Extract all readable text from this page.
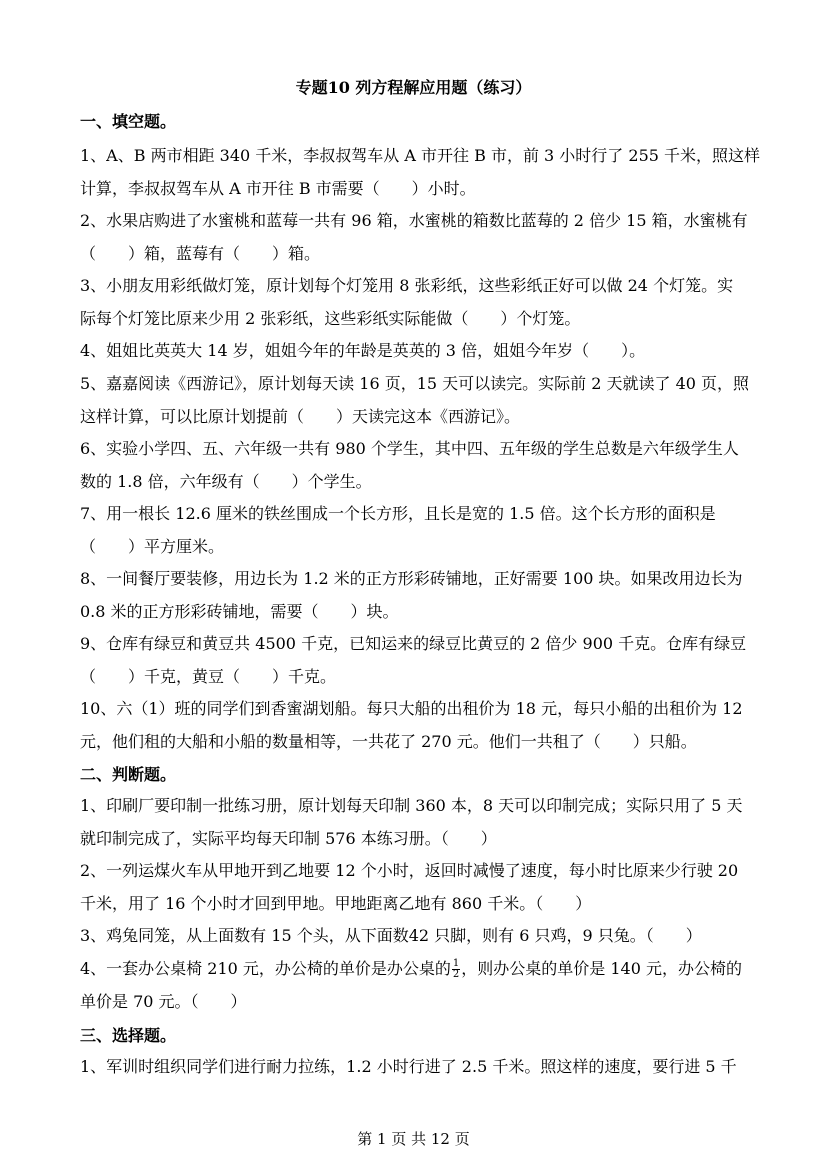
专题10 列方程解应用题（练习）
一、填空题。
1、A、B 两市相距 340 千米，李叔叔驾车从 A 市开往 B 市，前 3 小时行了 255 千米，照这样
计算，李叔叔驾车从 A 市开往 B 市需要（　　）小时。
2、水果店购进了水蜜桃和蓝莓一共有 96 箱，水蜜桃的箱数比蓝莓的 2 倍少 15 箱，水蜜桃有
（　　）箱，蓝莓有（　　）箱。
3、小朋友用彩纸做灯笼，原计划每个灯笼用 8 张彩纸，这些彩纸正好可以做 24 个灯笼。实
际每个灯笼比原来少用 2 张彩纸，这些彩纸实际能做（　　）个灯笼。
4、姐姐比英英大 14 岁，姐姐今年的年龄是英英的 3 倍，姐姐今年岁（　　）。
5、嘉嘉阅读《西游记》，原计划每天读 16 页，15 天可以读完。实际前 2 天就读了 40 页，照
这样计算，可以比原计划提前（　　）天读完这本《西游记》。
6、实验小学四、五、六年级一共有 980 个学生，其中四、五年级的学生总数是六年级学生人
数的 1.8 倍，六年级有（　　）个学生。
7、用一根长 12.6 厘米的铁丝围成一个长方形，且长是宽的 1.5 倍。这个长方形的面积是
（　　）平方厘米。
8、一间餐厅要装修，用边长为 1.2 米的正方形彩砖铺地，正好需要 100 块。如果改用边长为
0.8 米的正方形彩砖铺地，需要（　　）块。
9、仓库有绿豆和黄豆共 4500 千克，已知运来的绿豆比黄豆的 2 倍少 900 千克。仓库有绿豆
（　　）千克，黄豆（　　）千克。
10、六（1）班的同学们到香蜜湖划船。每只大船的出租价为 18 元，每只小船的出租价为 12
元，他们租的大船和小船的数量相等，一共花了 270 元。他们一共租了（　　）只船。
二、判断题。
1、印刷厂要印制一批练习册，原计划每天印制 360 本，8 天可以印制完成；实际只用了 5 天
就印制完成了，实际平均每天印制 576 本练习册。（　　）
2、一列运煤火车从甲地开到乙地要 12 个小时，返回时减慢了速度，每小时比原来少行驶 20
千米，用了 16 个小时才回到甲地。甲地距离乙地有 860 千米。（　　）
3、鸡兔同笼，从上面数有 15 个头，从下面数42 只脚，则有 6 只鸡，9 只兔。（　　）
4、一套办公桌椅 210 元，办公椅的单价是办公桌的 $\frac{1}{2}$ ，则办公桌的单价是 140 元，办公椅的
单价是 70 元。（　　）
三、选择题。
1、军训时组织同学们进行耐力拉练，1.2 小时行进了 2.5 千米。照这样的速度，要行进 5 千
第 1 页 共 12 页
